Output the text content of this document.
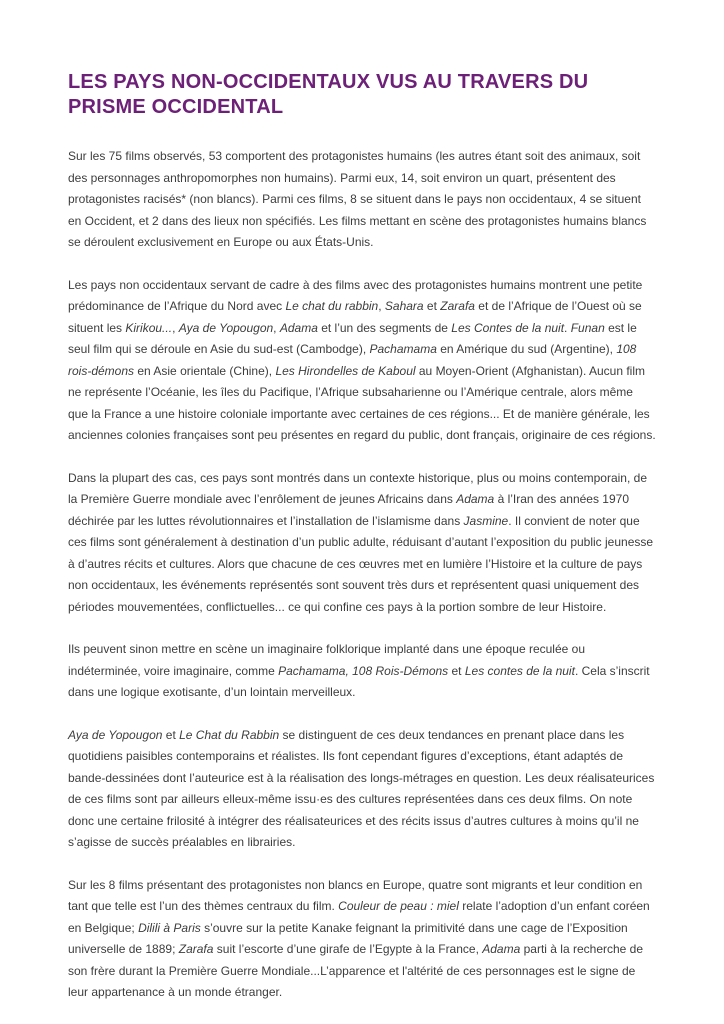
LES PAYS NON-OCCIDENTAUX VUS AU TRAVERS DU PRISME OCCIDENTAL

Sur les 75 films observés, 53 comportent des protagonistes humains (les autres étant soit des animaux, soit des personnages anthropomorphes non humains). Parmi eux, 14, soit environ un quart, présentent des protagonistes racisés* (non blancs). Parmi ces films, 8 se situent dans le pays non occidentaux, 4 se situent en Occident, et 2 dans des lieux non spécifiés. Les films mettant en scène des protagonistes humains blancs se déroulent exclusivement en Europe ou aux États-Unis.

Les pays non occidentaux servant de cadre à des films avec des protagonistes humains montrent une petite prédominance de l’Afrique du Nord avec Le chat du rabbin, Sahara et Zarafa et de l’Afrique de l’Ouest où se situent les Kirikou..., Aya de Yopougon, Adama et l’un des segments de Les Contes de la nuit. Funan est le seul film qui se déroule en Asie du sud-est (Cambodge), Pachamama en Amérique du sud (Argentine), 108 rois-démons en Asie orientale (Chine), Les Hirondelles de Kaboul au Moyen-Orient (Afghanistan). Aucun film ne représente l’Océanie, les îles du Pacifique, l’Afrique subsaharienne ou l’Amérique centrale, alors même que la France a une histoire coloniale importante avec certaines de ces régions... Et de manière générale, les anciennes colonies françaises sont peu présentes en regard du public, dont français, originaire de ces régions.

Dans la plupart des cas, ces pays sont montrés dans un contexte historique, plus ou moins contemporain, de la Première Guerre mondiale avec l’enrôlement de jeunes Africains dans Adama à l’Iran des années 1970 déchirée par les luttes révolutionnaires et l’installation de l’islamisme dans Jasmine. Il convient de noter que ces films sont généralement à destination d’un public adulte, réduisant d’autant l’exposition du public jeunesse à d’autres récits et cultures. Alors que chacune de ces œuvres met en lumière l’Histoire et la culture de pays non occidentaux, les événements représentés sont souvent très durs et représentent quasi uniquement des périodes mouvementées, conflictuelles... ce qui confine ces pays à la portion sombre de leur Histoire.

Ils peuvent sinon mettre en scène un imaginaire folklorique implanté dans une époque reculée ou indéterminée, voire imaginaire, comme Pachamama, 108 Rois-Démons et Les contes de la nuit. Cela s’inscrit dans une logique exotisante, d’un lointain merveilleux.

Aya de Yopougon et Le Chat du Rabbin se distinguent de ces deux tendances en prenant place dans les quotidiens paisibles contemporains et réalistes. Ils font cependant figures d’exceptions, étant adaptés de bande-dessinées dont l’auteurice est à la réalisation des longs-métrages en question. Les deux réalisateurices de ces films sont par ailleurs elleux-même issu·es des cultures représentées dans ces deux films. On note donc une certaine frilosité à intégrer des réalisateurices et des récits issus d’autres cultures à moins qu’il ne s’agisse de succès préalables en librairies.

Sur les 8 films présentant des protagonistes non blancs en Europe, quatre sont migrants et leur condition en tant que telle est l’un des thèmes centraux du film. Couleur de peau : miel relate l’adoption d’un enfant coréen en Belgique; Dilili à Paris s’ouvre sur la petite Kanake feignant la primitivité dans une cage de l’Exposition universelle de 1889; Zarafa suit l’escorte d’une girafe de l’Egypte à la France, Adama parti à la recherche de son frère durant la Première Guerre Mondiale...L’apparence et l'altérité de ces personnages est le signe de leur appartenance à un monde étranger.
